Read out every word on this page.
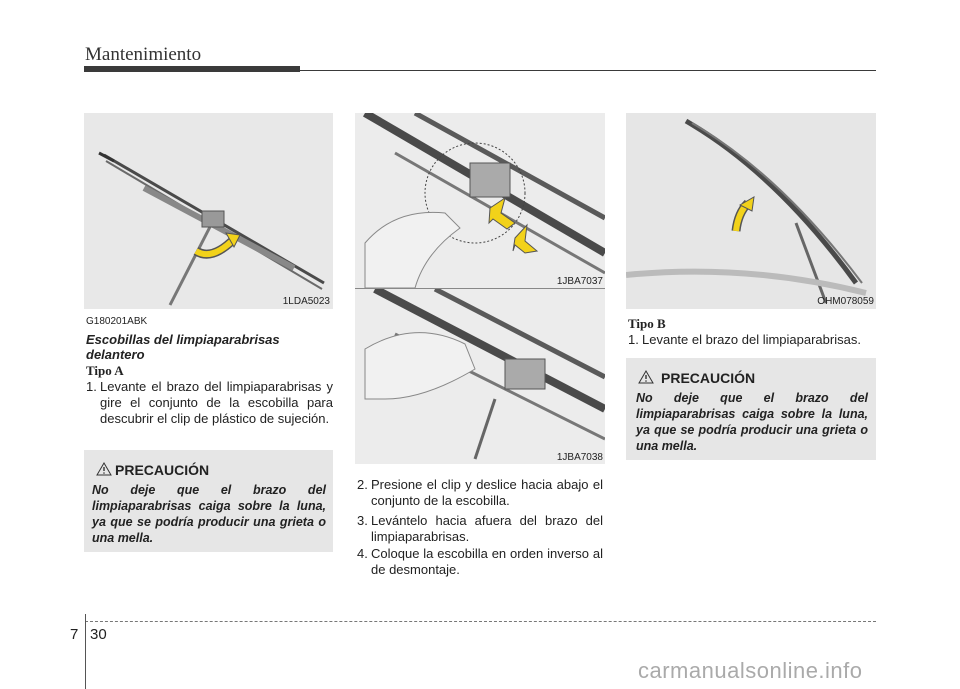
Mantenimiento
1LDA5023
1JBA7037
1JBA7038
OHM078059
G180201ABK
Escobillas del limpiaparabrisas delantero
Tipo A
1. Levante el brazo del limpiaparabrisas y gire el conjunto de la escobilla para descubrir el clip de plástico de sujeción.
PRECAUCIÓN
No deje que el brazo del limpiaparabrisas caiga sobre la luna, ya que se podría producir una grieta o una mella.
2. Presione el clip y deslice hacia abajo el conjunto de la escobilla.
3. Levántelo hacia afuera del brazo del limpiaparabrisas.
4. Coloque la escobilla en orden inverso al de desmontaje.
Tipo B
1. Levante el brazo del limpiaparabrisas.
PRECAUCIÓN
No deje que el brazo del limpiaparabrisas caiga sobre la luna, ya que se podría producir una grieta o una mella.
7 30
carmanualsonline.info
